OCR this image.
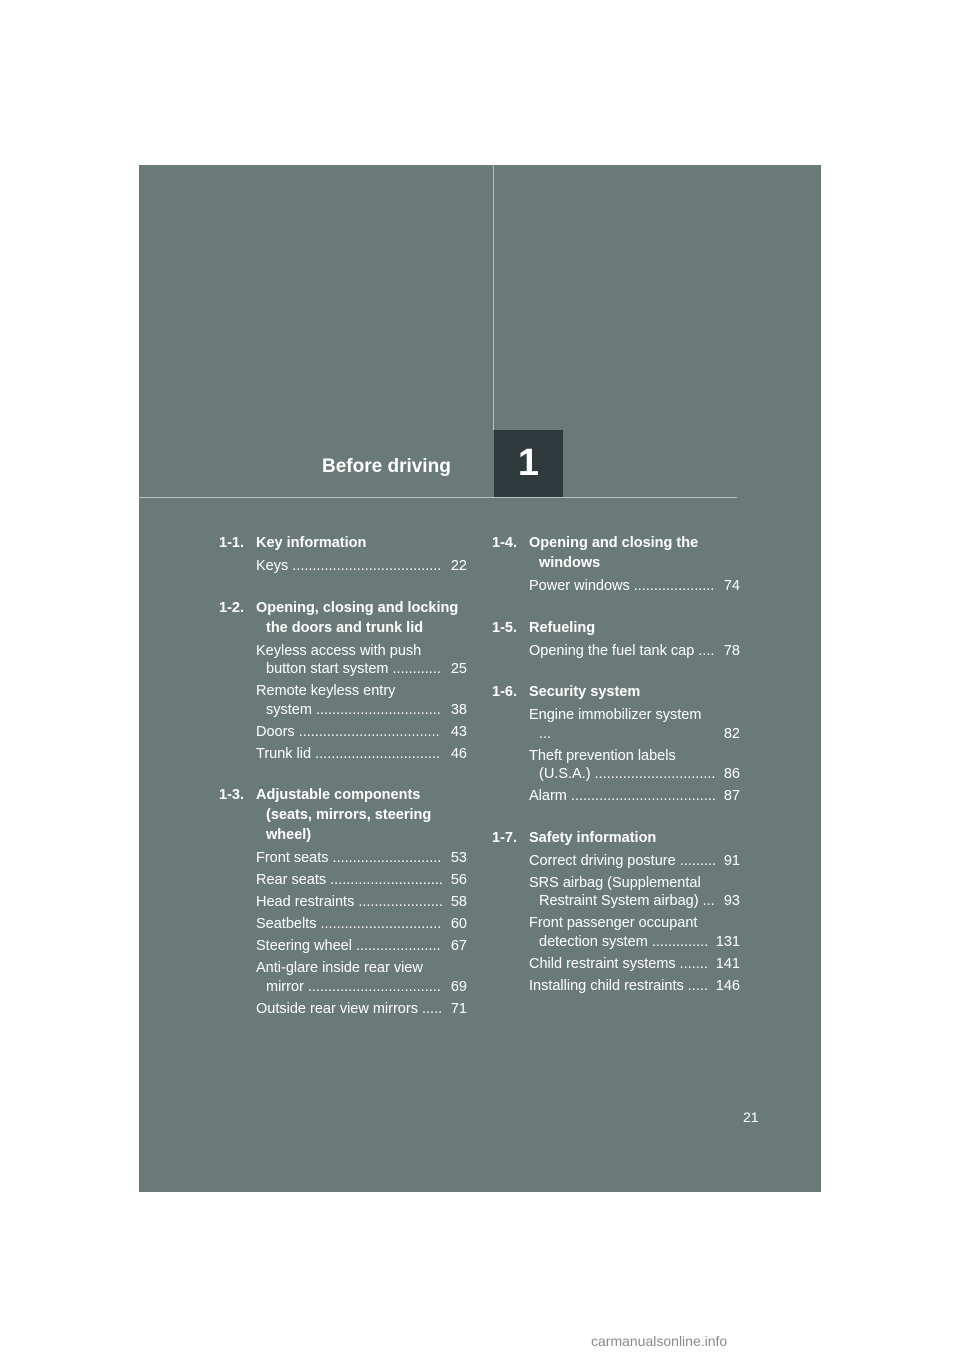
1
Before driving
1-1. Key information
Keys ..................................... 22
1-2. Opening, closing and locking the doors and trunk lid
Keyless access with push button start system ............ 25
Remote keyless entry system ............................... 38
Doors ................................... 43
Trunk lid ............................... 46
1-3. Adjustable components (seats, mirrors, steering wheel)
Front seats ........................... 53
Rear seats ............................ 56
Head restraints ..................... 58
Seatbelts .............................. 60
Steering wheel ..................... 67
Anti-glare inside rear view mirror ................................. 69
Outside rear view mirrors ..... 71
1-4. Opening and closing the windows
Power windows .................... 74
1-5. Refueling
Opening the fuel tank cap .... 78
1-6. Security system
Engine immobilizer system ...	82
Theft prevention labels (U.S.A.) .............................. 86
Alarm .................................... 87
1-7. Safety information
Correct driving posture ......... 91
SRS airbag (Supplemental Restraint System airbag) ... 93
Front passenger occupant detection system .............. 131
Child restraint systems ....... 141
Installing child restraints ..... 146
21
carmanualsonline.info
